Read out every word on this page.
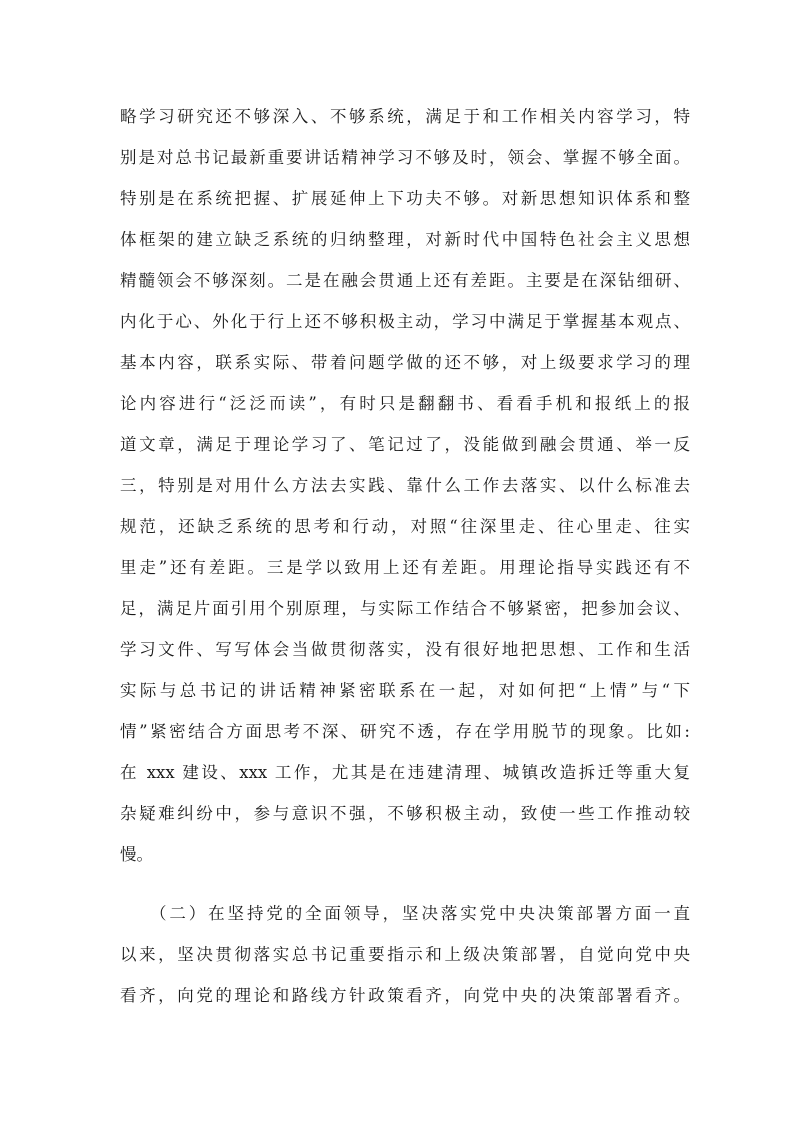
略学习研究还不够深入、不够系统，满足于和工作相关内容学习，特
别是对总书记最新重要讲话精神学习不够及时，领会、掌握不够全面。
特别是在系统把握、扩展延伸上下功夫不够。对新思想知识体系和整
体框架的建立缺乏系统的归纳整理，对新时代中国特色社会主义思想
精髓领会不够深刻。二是在融会贯通上还有差距。主要是在深钻细研、
内化于心、外化于行上还不够积极主动，学习中满足于掌握基本观点、
基本内容，联系实际、带着问题学做的还不够，对上级要求学习的理
论内容进行“泛泛而读”，有时只是翻翻书、看看手机和报纸上的报
道文章，满足于理论学习了、笔记过了，没能做到融会贯通、举一反
三，特别是对用什么方法去实践、靠什么工作去落实、以什么标准去
规范，还缺乏系统的思考和行动，对照“往深里走、往心里走、往实
里走”还有差距。三是学以致用上还有差距。用理论指导实践还有不
足，满足片面引用个别原理，与实际工作结合不够紧密，把参加会议、
学习文件、写写体会当做贯彻落实，没有很好地把思想、工作和生活
实际与总书记的讲话精神紧密联系在一起，对如何把“上情”与“下
情”紧密结合方面思考不深、研究不透，存在学用脱节的现象。比如:
在 xxx 建设、xxx 工作，尤其是在违建清理、城镇改造拆迁等重大复
杂疑难纠纷中，参与意识不强，不够积极主动，致使一些工作推动较
慢。
（二）在坚持党的全面领导，坚决落实党中央决策部署方面一直
以来，坚决贯彻落实总书记重要指示和上级决策部署，自觉向党中央
看齐，向党的理论和路线方针政策看齐，向党中央的决策部署看齐。
